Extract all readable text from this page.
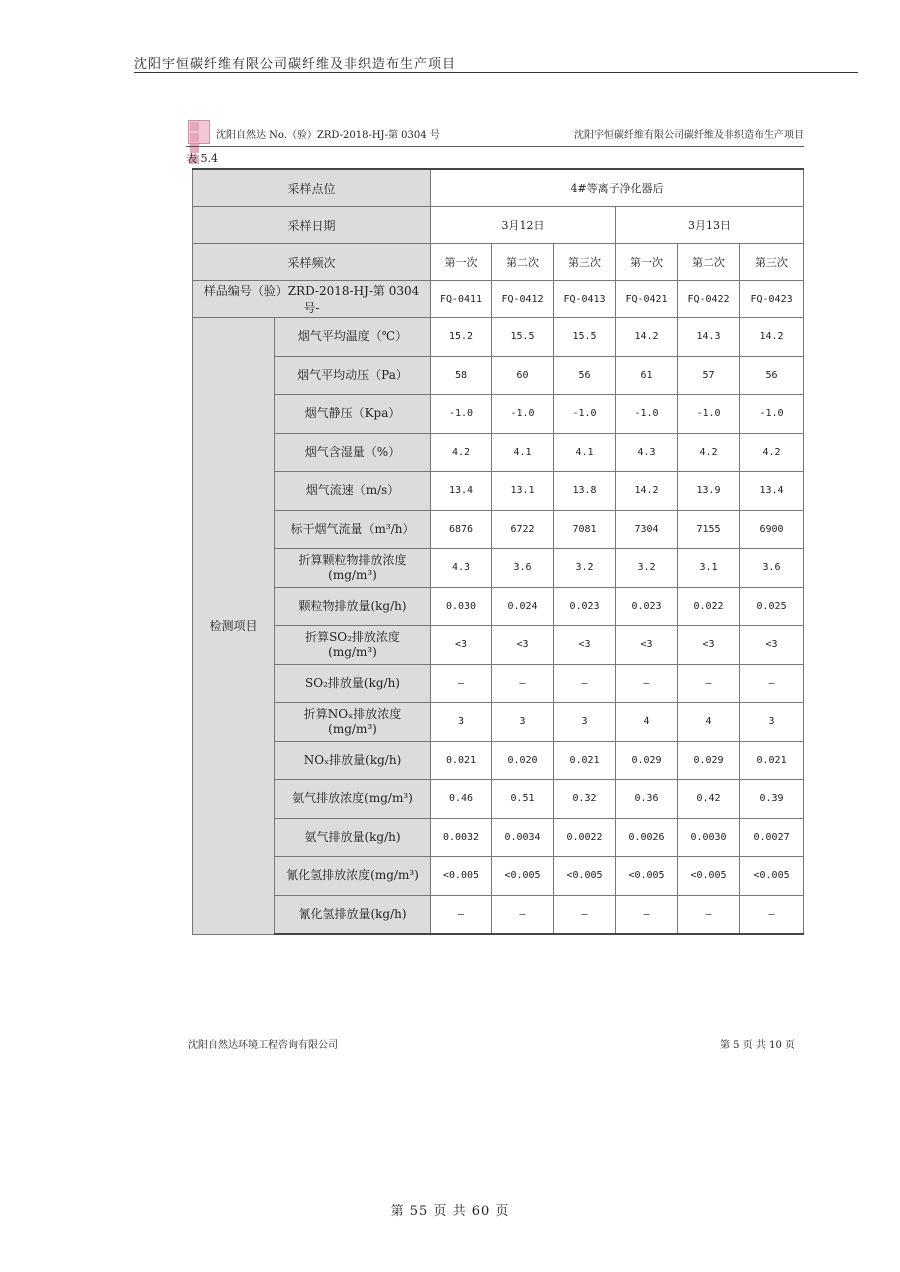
沈阳宇恒碳纤维有限公司碳纤维及非织造布生产项目
沈阳自然达 No.（验）ZRD-2018-HJ-第 0304 号	沈阳宇恒碳纤维有限公司碳纤维及非织造布生产项目
表 5.4
采样点位		4#等离子净化器后					
采样日期		3月12日			3月13日		
采样频次		第一次	第二次	第三次	第一次	第二次	第三次
样品编号（验）ZRD-2018-HJ-第 0304 号-		FQ-0411	FQ-0412	FQ-0413	FQ-0421	FQ-0422	FQ-0423
检测项目	烟气平均温度（℃）	15.2	15.5	15.5	14.2	14.3	14.2

	烟气平均动压（Pa）	58	60	56	61	57	56

	烟气静压（Kpa）	-1.0	-1.0	-1.0	-1.0	-1.0	-1.0

	烟气含湿量（%）	4.2	4.1	4.1	4.3	4.2	4.2

	烟气流速（m/s）	13.4	13.1	13.8	14.2	13.9	13.4

	标干烟气流量（m³/h）	6876	6722	7081	7304	7155	6900

	折算颗粒物排放浓度
(mg/m³)	4.3	3.6	3.2	3.2	3.1	3.6

	颗粒物排放量(kg/h)	0.030	0.024	0.023	0.023	0.022	0.025

	折算SO₂排放浓度
(mg/m³)	<3	<3	<3	<3	<3	<3

	SO₂排放量(kg/h)	—	—	—	—	—	—

	折算NOₓ排放浓度
(mg/m³)	3	3	3	4	4	3

	NOₓ排放量(kg/h)	0.021	0.020	0.021	0.029	0.029	0.021

	氨气排放浓度(mg/m³)	0.46	0.51	0.32	0.36	0.42	0.39

	氨气排放量(kg/h)	0.0032	0.0034	0.0022	0.0026	0.0030	0.0027

	氰化氢排放浓度(mg/m³)	<0.005	<0.005	<0.005	<0.005	<0.005	<0.005

	氰化氢排放量(kg/h)	—	—	—	—	—	—
沈阳自然达环境工程咨询有限公司	第 5 页 共 10 页
第 55 页 共 60 页
